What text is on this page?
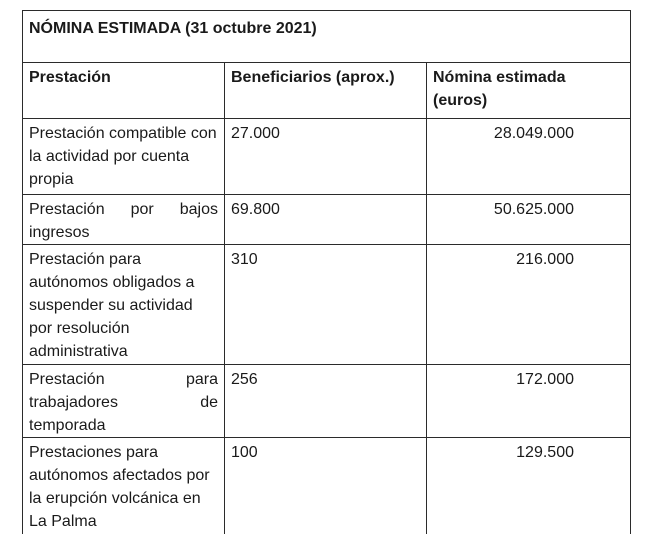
NÓMINA ESTIMADA (31 octubre 2021)		
Prestación	Beneficiarios (aprox.)	Nómina estimada (euros)
Prestación compatible con la actividad por cuenta propia	27.000	28.049.000
Prestación por bajos ingresos	69.800	50.625.000
Prestación para autónomos obligados a suspender su actividad por resolución administrativa	310	216.000
Prestación para trabajadores de temporada	256	172.000
Prestaciones para autónomos afectados por la erupción volcánica en La Palma	100	129.500
